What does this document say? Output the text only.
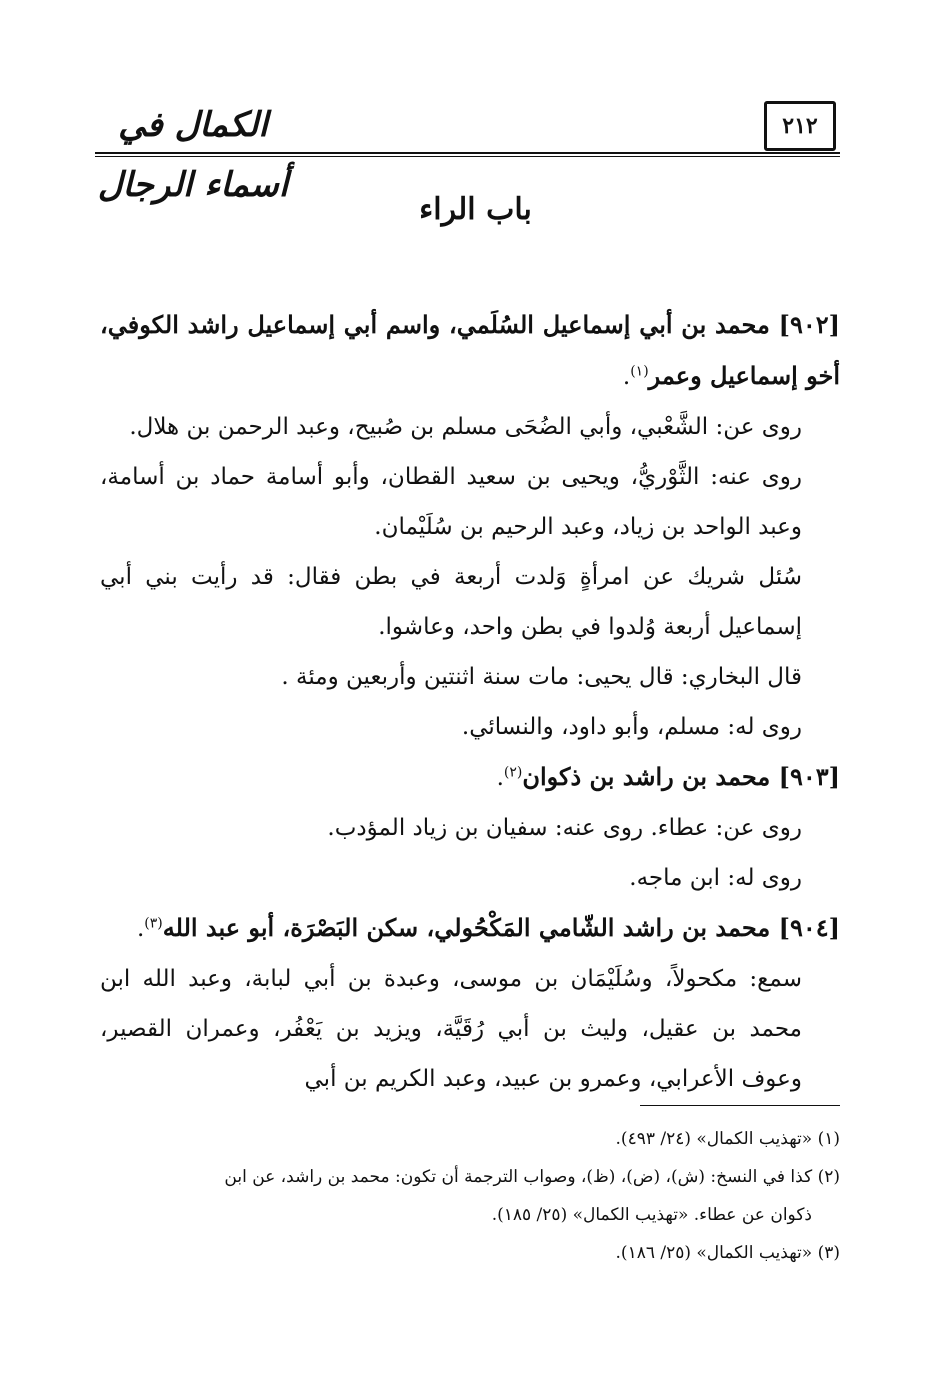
٢١٢
الكمال في أسماء الرجال
باب الراء

[٩٠٢] محمد بن أبي إسماعيل السُلَمي، واسم أبي إسماعيل راشد الكوفي، أخو إسماعيل وعمر$^{(١)}$.

روى عن: الشَّعْبي، وأبي الضُحَى مسلم بن صُبيح، وعبد الرحمن بن هلال.

روى عنه: الثَّوْريُّ، ويحيى بن سعيد القطان، وأبو أسامة حماد بن أسامة، وعبد الواحد بن زياد، وعبد الرحيم بن سُلَيْمان.

سُئل شريك عن امرأةٍ وَلدت أربعة في بطن فقال: قد رأيت بني أبي إسماعيل أربعة وُلدوا في بطن واحد، وعاشوا.

قال البخاري: قال يحيى: مات سنة اثنتين وأربعين ومئة .

روى له: مسلم، وأبو داود، والنسائي.

[٩٠٣] محمد بن راشد بن ذكوان$^{(٢)}$.

روى عن: عطاء. روى عنه: سفيان بن زياد المؤدب.

روى له: ابن ماجه.

[٩٠٤] محمد بن راشد الشّامي المَكْحُولي، سكن البَصْرَة، أبو عبد الله$^{(٣)}$.

سمع: مكحولاً، وسُلَيْمَان بن موسى، وعبدة بن أبي لبابة، وعبد الله ابن محمد بن عقيل، وليث بن أبي رُقَيَّة، ويزيد بن يَعْفُر، وعمران القصير، وعوف الأعرابي، وعمرو بن عبيد، وعبد الكريم بن أبي

(١) «تهذيب الكمال» (٢٤/ ٤٩٣).

(٢) كذا في النسخ: (ش)، (ض)، (ظ)، وصواب الترجمة أن تكون: محمد بن راشد، عن ابن

ذكوان عن عطاء. «تهذيب الكمال» (٢٥/ ١٨٥).

(٣) «تهذيب الكمال» (٢٥/ ١٨٦).
